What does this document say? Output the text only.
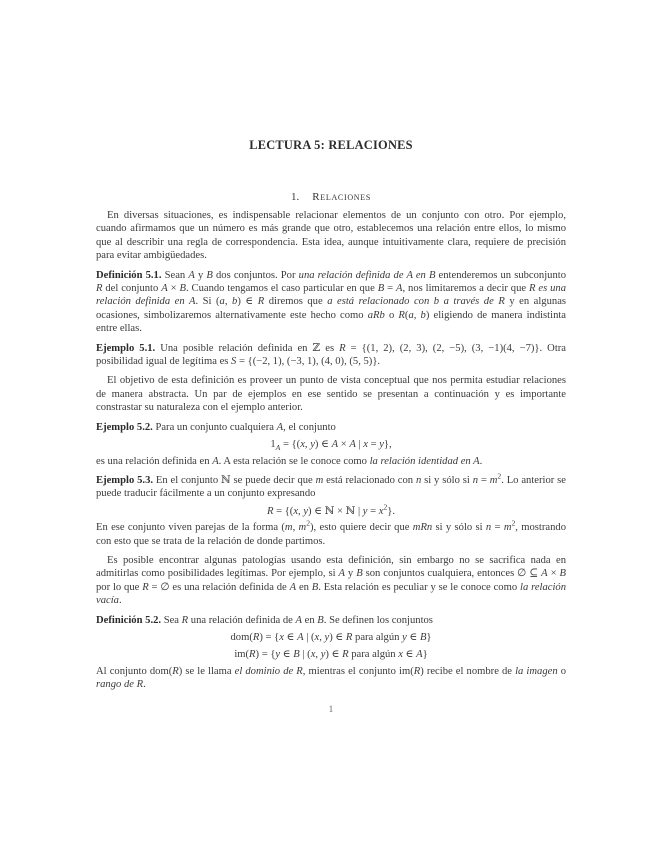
LECTURA 5: RELACIONES
1. Relaciones

En diversas situaciones, es indispensable relacionar elementos de un conjunto con otro. Por ejemplo, cuando afirmamos que un número es más grande que otro, establecemos una relación entre ellos, lo mismo que al describir una regla de correspondencia. Esta idea, aunque intuitivamente clara, requiere de precisión para evitar ambigüedades.

Definición 5.1. Sean A y B dos conjuntos. Por una relación definida de A en B entenderemos un subconjunto R del conjunto A × B. Cuando tengamos el caso particular en que B = A, nos limitaremos a decir que R es una relación definida en A. Si (a, b) ∈ R diremos que a está relacionado con b a través de R y en algunas ocasiones, simbolizaremos alternativamente este hecho como aRb o R(a, b) eligiendo de manera indistinta entre ellas.

Ejemplo 5.1. Una posible relación definida en ℤ es R = {(1, 2), (2, 3), (2, −5), (3, −1)(4, −7)}. Otra posibilidad igual de legítima es S = {(−2, 1), (−3, 1), (4, 0), (5, 5)}.

El objetivo de esta definición es proveer un punto de vista conceptual que nos permita estudiar relaciones de manera abstracta. Un par de ejemplos en ese sentido se presentan a continuación y es importante constrastar su naturaleza con el ejemplo anterior.

Ejemplo 5.2. Para un conjunto cualquiera A, el conjunto

$1_A = \{(x$, y) ∈ A × A | x = y},

es una relación definida en A. A esta relación se le conoce como la relación identidad en A.

Ejemplo 5.3. En el conjunto ℕ se puede decir que m está relacionado con n si y sólo si $n = m^2$. Lo anterior se puede traducir fácilmente a un conjunto expresando

R = {(x, y) ∈ ℕ × ℕ | $y = x^2$}.

En ese conjunto viven parejas de la forma (m, $m^2$), esto quiere decir que mRn si y sólo si $n = m^2$, mostrando con esto que se trata de la relación de donde partimos.

Es posible encontrar algunas patologías usando esta definición, sin embargo no se sacrifica nada en admitirlas como posibilidades legítimas. Por ejemplo, si A y B son conjuntos cualquiera, entonces ∅ ⊆ A × B por lo que R = ∅ es una relación definida de A en B. Esta relación es peculiar y se le conoce como la relación vacía.

Definición 5.2. Sea R una relación definida de A en B. Se definen los conjuntos

dom(R) = {x ∈ A | (x, y) ∈ R para algún y ∈ B}
im(R) = {y ∈ B | (x, y) ∈ R para algún x ∈ A}

Al conjunto dom(R) se le llama el dominio de R, mientras el conjunto im(R) recibe el nombre de la imagen o rango de R.

1
